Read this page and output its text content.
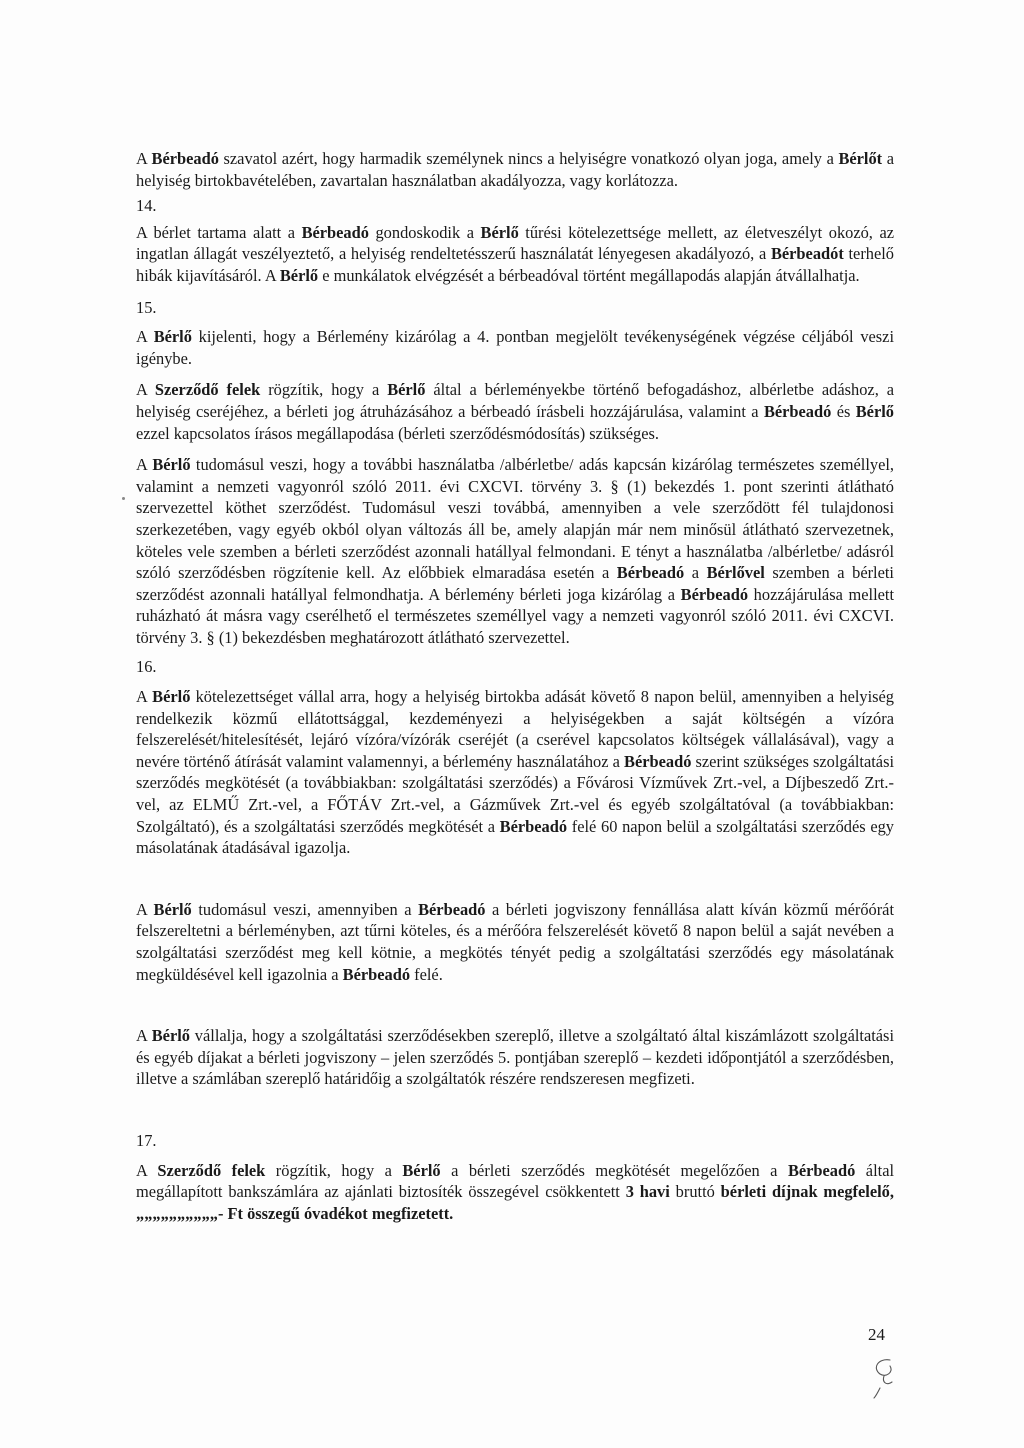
A Bérbeadó szavatol azért, hogy harmadik személynek nincs a helyiségre vonatkozó olyan joga, amely a Bérlőt a helyiség birtokbavételében, zavartalan használatban akadályozza, vagy korlátozza.

14.

A bérlet tartama alatt a Bérbeadó gondoskodik a Bérlő tűrési kötelezettsége mellett, az életveszélyt okozó, az ingatlan állagát veszélyeztető, a helyiség rendeltetésszerű használatát lényegesen akadályozó, a Bérbeadót terhelő hibák kijavításáról. A Bérlő e munkálatok elvégzését a bérbeadóval történt megállapodás alapján átvállalhatja.

15.

A Bérlő kijelenti, hogy a Bérlemény kizárólag a 4. pontban megjelölt tevékenységének végzése céljából veszi igénybe.

A Szerződő felek rögzítik, hogy a Bérlő által a bérleményekbe történő befogadáshoz, albérletbe adáshoz, a helyiség cseréjéhez, a bérleti jog átruházásához a bérbeadó írásbeli hozzájárulása, valamint a Bérbeadó és Bérlő ezzel kapcsolatos írásos megállapodása (bérleti szerződésmódosítás) szükséges.

A Bérlő tudomásul veszi, hogy a további használatba /albérletbe/ adás kapcsán kizárólag természetes személlyel, valamint a nemzeti vagyonról szóló 2011. évi CXCVI. törvény 3. § (1) bekezdés 1. pont szerinti átlátható szervezettel köthet szerződést. Tudomásul veszi továbbá, amennyiben a vele szerződött fél tulajdonosi szerkezetében, vagy egyéb okból olyan változás áll be, amely alapján már nem minősül átlátható szervezetnek, köteles vele szemben a bérleti szerződést azonnali hatállyal felmondani. E tényt a használatba /albérletbe/ adásról szóló szerződésben rögzítenie kell. Az előbbiek elmaradása esetén a Bérbeadó a Bérlővel szemben a bérleti szerződést azonnali hatállyal felmondhatja. A bérlemény bérleti joga kizárólag a Bérbeadó hozzájárulása mellett ruházható át másra vagy cserélhető el természetes személlyel vagy a nemzeti vagyonról szóló 2011. évi CXCVI. törvény 3. § (1) bekezdésben meghatározott átlátható szervezettel.

16.

A Bérlő kötelezettséget vállal arra, hogy a helyiség birtokba adását követő 8 napon belül, amennyiben a helyiség rendelkezik közmű ellátottsággal, kezdeményezi a helyiségekben a saját költségén a vízóra felszerelését/hitelesítését, lejáró vízóra/vízórák cseréjét (a cserével kapcsolatos költségek vállalásával), vagy a nevére történő átírását valamint valamennyi, a bérlemény használatához a Bérbeadó szerint szükséges szolgáltatási szerződés megkötését (a továbbiakban: szolgáltatási szerződés) a Fővárosi Vízművek Zrt.-vel, a Díjbeszedő Zrt.-vel, az ELMŰ Zrt.-vel, a FŐTÁV Zrt.-vel, a Gázművek Zrt.-vel és egyéb szolgáltatóval (a továbbiakban: Szolgáltató), és a szolgáltatási szerződés megkötését a Bérbeadó felé 60 napon belül a szolgáltatási szerződés egy másolatának átadásával igazolja.

A Bérlő tudomásul veszi, amennyiben a Bérbeadó a bérleti jogviszony fennállása alatt kíván közmű mérőórát felszereltetni a bérleményben, azt tűrni köteles, és a mérőóra felszerelését követő 8 napon belül a saját nevében a szolgáltatási szerződést meg kell kötnie, a megkötés tényét pedig a szolgáltatási szerződés egy másolatának megküldésével kell igazolnia a Bérbeadó felé.

A Bérlő vállalja, hogy a szolgáltatási szerződésekben szereplő, illetve a szolgáltató által kiszámlázott szolgáltatási és egyéb díjakat a bérleti jogviszony – jelen szerződés 5. pontjában szereplő – kezdeti időpontjától a szerződésben, illetve a számlában szereplő határidőig a szolgáltatók részére rendszeresen megfizeti.

17.

A Szerződő felek rögzítik, hogy a Bérlő a bérleti szerződés megkötését megelőzően a Bérbeadó által megállapított bankszámlára az ajánlati biztosíték összegével csökkentett 3 havi bruttó bérleti díjnak megfelelő, „„„„„„„„„„- Ft összegű óvadékot megfizetett.

24
